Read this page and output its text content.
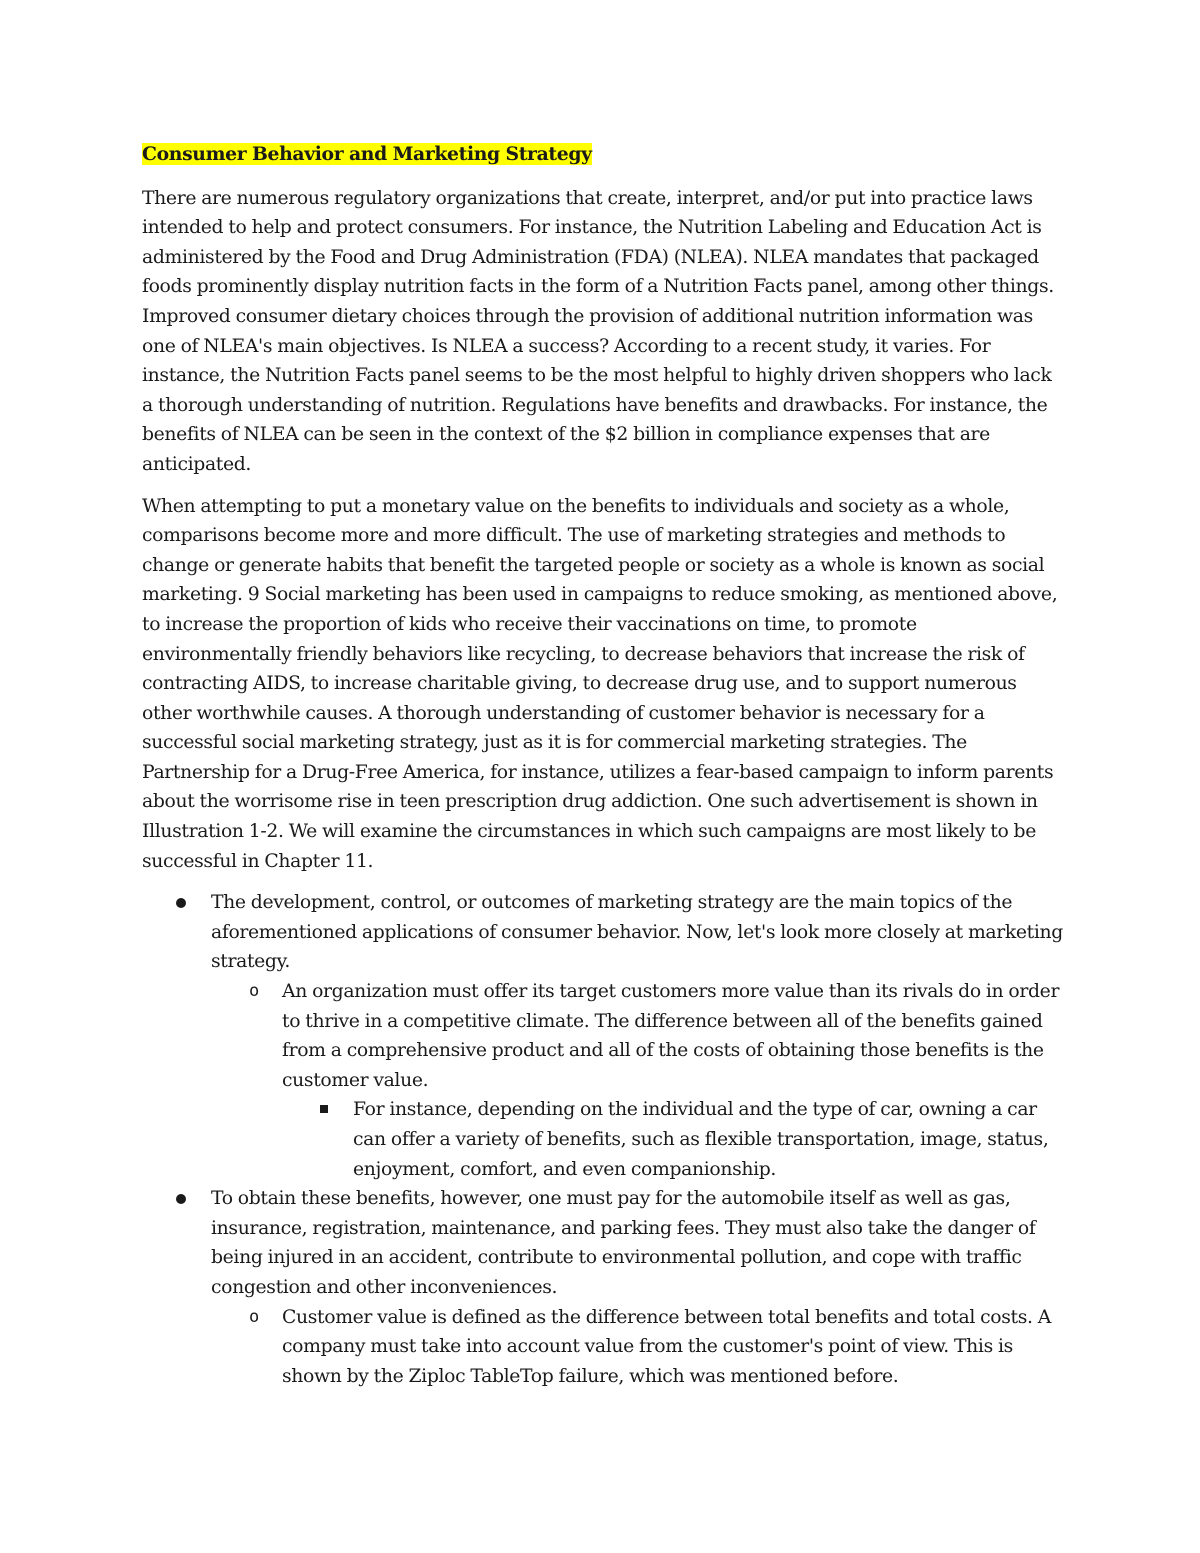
Consumer Behavior and Marketing Strategy

There are numerous regulatory organizations that create, interpret, and/or put into practice laws intended to help and protect consumers. For instance, the Nutrition Labeling and Education Act is administered by the Food and Drug Administration (FDA) (NLEA). NLEA mandates that packaged foods prominently display nutrition facts in the form of a Nutrition Facts panel, among other things. Improved consumer dietary choices through the provision of additional nutrition information was one of NLEA's main objectives. Is NLEA a success? According to a recent study, it varies. For instance, the Nutrition Facts panel seems to be the most helpful to highly driven shoppers who lack a thorough understanding of nutrition. Regulations have benefits and drawbacks. For instance, the benefits of NLEA can be seen in the context of the $2 billion in compliance expenses that are anticipated.

When attempting to put a monetary value on the benefits to individuals and society as a whole, comparisons become more and more difficult. The use of marketing strategies and methods to change or generate habits that benefit the targeted people or society as a whole is known as social marketing. 9 Social marketing has been used in campaigns to reduce smoking, as mentioned above, to increase the proportion of kids who receive their vaccinations on time, to promote environmentally friendly behaviors like recycling, to decrease behaviors that increase the risk of contracting AIDS, to increase charitable giving, to decrease drug use, and to support numerous other worthwhile causes. A thorough understanding of customer behavior is necessary for a successful social marketing strategy, just as it is for commercial marketing strategies. The Partnership for a Drug-Free America, for instance, utilizes a fear-based campaign to inform parents about the worrisome rise in teen prescription drug addiction. One such advertisement is shown in Illustration 1-2. We will examine the circumstances in which such campaigns are most likely to be successful in Chapter 11.

The development, control, or outcomes of marketing strategy are the main topics of the aforementioned applications of consumer behavior. Now, let's look more closely at marketing strategy.
o An organization must offer its target customers more value than its rivals do in order to thrive in a competitive climate. The difference between all of the benefits gained from a comprehensive product and all of the costs of obtaining those benefits is the customer value.
For instance, depending on the individual and the type of car, owning a car can offer a variety of benefits, such as flexible transportation, image, status, enjoyment, comfort, and even companionship.
To obtain these benefits, however, one must pay for the automobile itself as well as gas, insurance, registration, maintenance, and parking fees. They must also take the danger of being injured in an accident, contribute to environmental pollution, and cope with traffic congestion and other inconveniences.
o Customer value is defined as the difference between total benefits and total costs. A company must take into account value from the customer's point of view. This is shown by the Ziploc TableTop failure, which was mentioned before.
